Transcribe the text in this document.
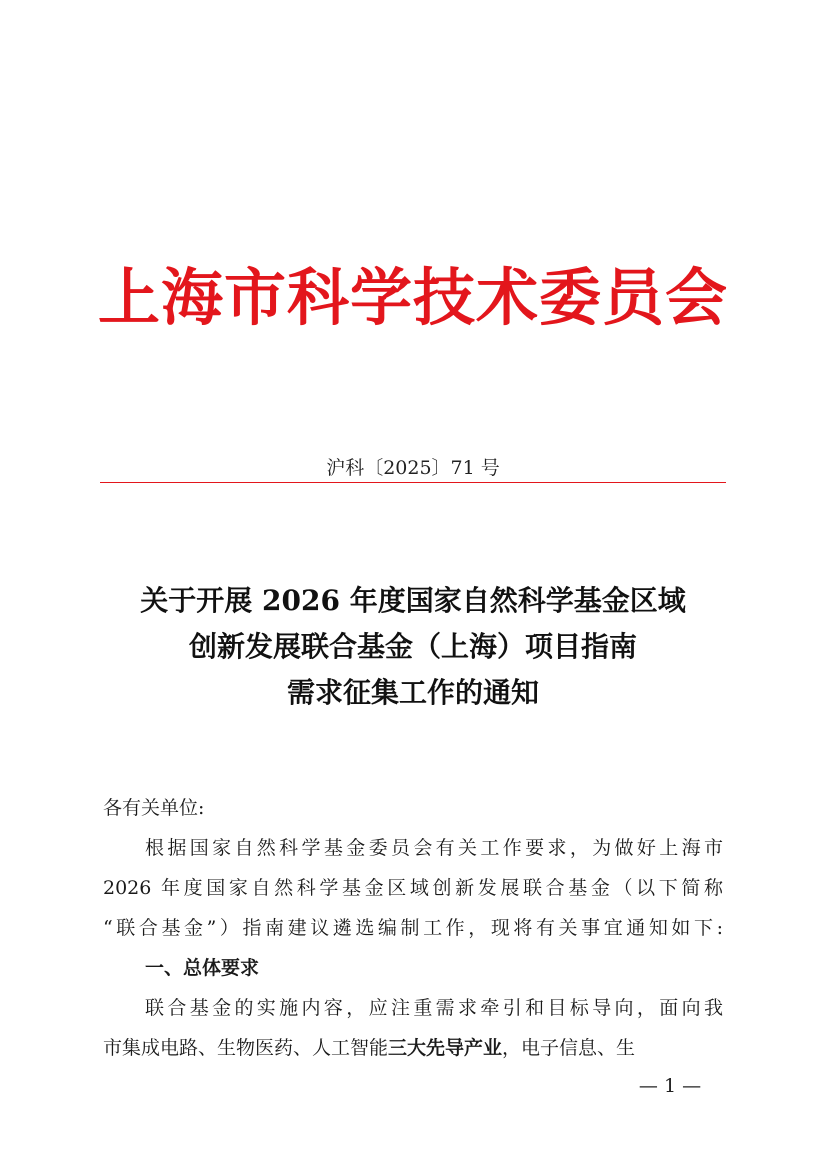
上海市科学技术委员会
沪科〔2025〕71 号
关于开展 2026 年度国家自然科学基金区域
创新发展联合基金（上海）项目指南
需求征集工作的通知
各有关单位:
根据国家自然科学基金委员会有关工作要求，为做好上海市
2026 年度国家自然科学基金区域创新发展联合基金（以下简称
“联合基金”）指南建议遴选编制工作，现将有关事宜通知如下:
一、总体要求
联合基金的实施内容，应注重需求牵引和目标导向，面向我
市集成电路、生物医药、人工智能三大先导产业，电子信息、生
— 1 —
